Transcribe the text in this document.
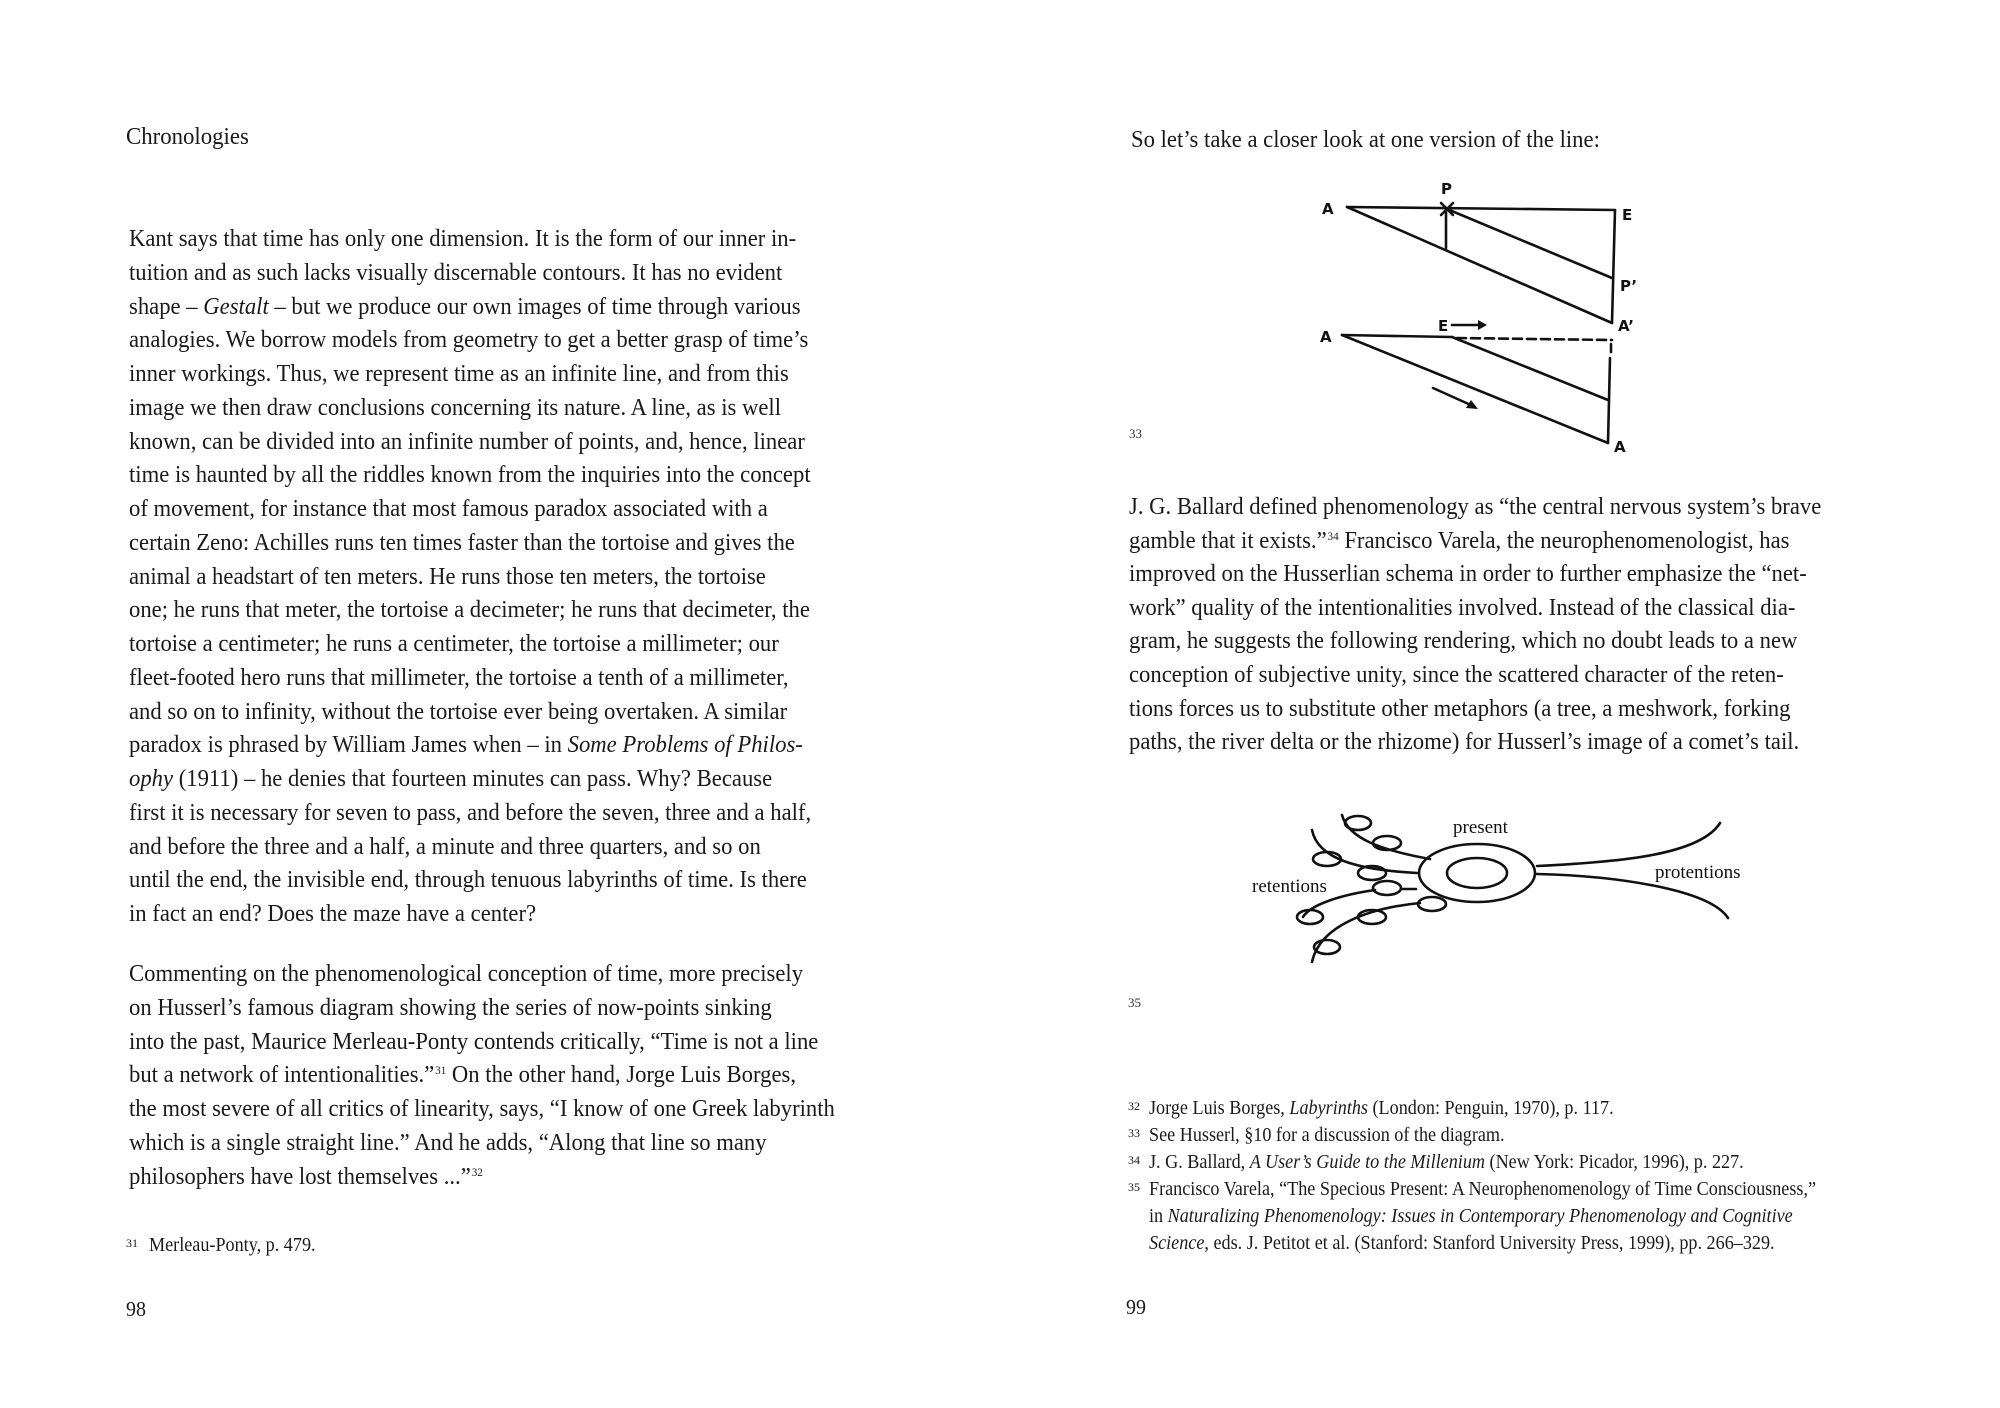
Chronologies
Kant says that time has only one dimension. It is the form of our inner in-
tuition and as such lacks visually discernable contours. It has no evident
shape – Gestalt – but we produce our own images of time through various
analogies. We borrow models from geometry to get a better grasp of time’s
inner workings. Thus, we represent time as an infinite line, and from this
image we then draw conclusions concerning its nature. A line, as is well
known, can be divided into an infinite number of points, and, hence, linear
time is haunted by all the riddles known from the inquiries into the concept
of movement, for instance that most famous paradox associated with a
certain Zeno: Achilles runs ten times faster than the tortoise and gives the
animal a headstart of ten meters. He runs those ten meters, the tortoise
one; he runs that meter, the tortoise a decimeter; he runs that decimeter, the
tortoise a centimeter; he runs a centimeter, the tortoise a millimeter; our
fleet-footed hero runs that millimeter, the tortoise a tenth of a millimeter,
and so on to infinity, without the tortoise ever being overtaken. A similar
paradox is phrased by William James when – in Some Problems of Philos-
ophy (1911) – he denies that fourteen minutes can pass. Why? Because
first it is necessary for seven to pass, and before the seven, three and a half,
and before the three and a half, a minute and three quarters, and so on
until the end, the invisible end, through tenuous labyrinths of time. Is there
in fact an end? Does the maze have a center?
Commenting on the phenomenological conception of time, more precisely
on Husserl’s famous diagram showing the series of now-points sinking
into the past, Maurice Merleau-Ponty contends critically, “Time is not a line
but a network of intentionalities.”$^{31}$ On the other hand, Jorge Luis Borges,
the most severe of all critics of linearity, says, “I know of one Greek labyrinth
which is a single straight line.” And he adds, “Along that line so many
philosophers have lost themselves ...”$^{32}$
31 Merleau-Ponty, p. 479.
98
So let’s take a closer look at one version of the line:
33
A
P
E
P’
A’
A
E
A
J. G. Ballard defined phenomenology as “the central nervous system’s brave
gamble that it exists.”$^{34}$ Francisco Varela, the neurophenomenologist, has
improved on the Husserlian schema in order to further emphasize the “net-
work” quality of the intentionalities involved. Instead of the classical dia-
gram, he suggests the following rendering, which no doubt leads to a new
conception of subjective unity, since the scattered character of the reten-
tions forces us to substitute other metaphors (a tree, a meshwork, forking
paths, the river delta or the rhizome) for Husserl’s image of a comet’s tail.
35
present
retentions
protentions
32 Jorge Luis Borges, Labyrinths (London: Penguin, 1970), p. 117.
33 See Husserl, §10 for a discussion of the diagram.
34 J. G. Ballard, A User’s Guide to the Millenium (New York: Picador, 1996), p. 227.
35 Francisco Varela, “The Specious Present: A Neurophenomenology of Time Consciousness,”
in Naturalizing Phenomenology: Issues in Contemporary Phenomenology and Cognitive
Science, eds. J. Petitot et al. (Stanford: Stanford University Press, 1999), pp. 266–329.
99
